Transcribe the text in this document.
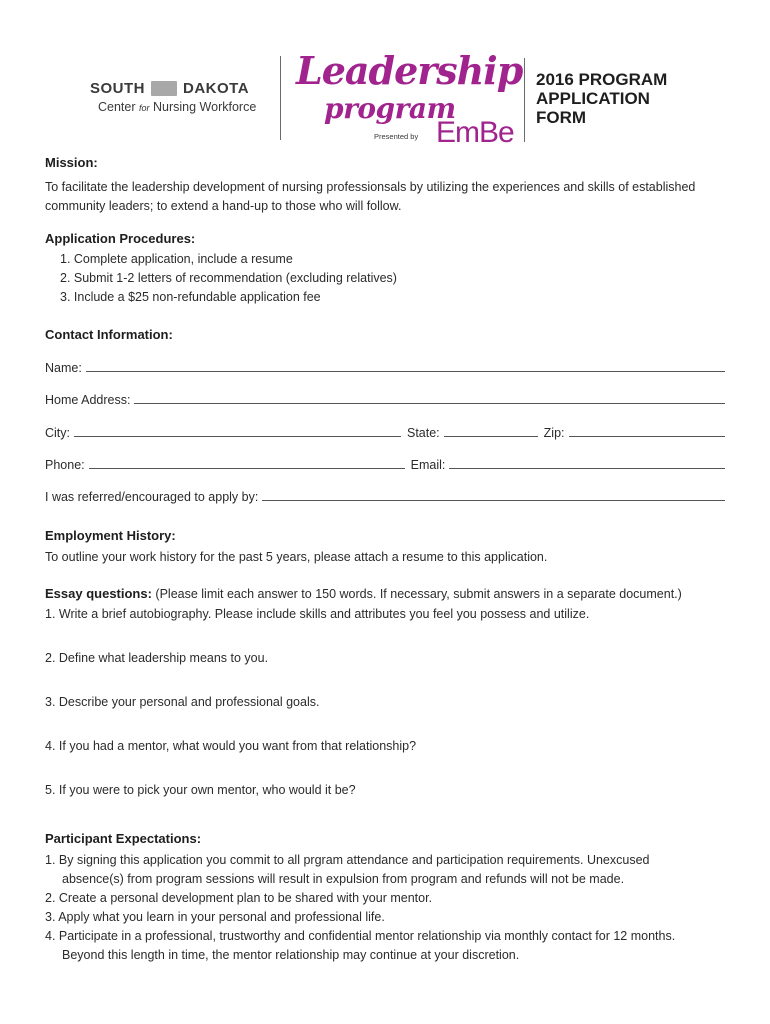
SOUTH	DAKOTA
Center for Nursing Workforce
Leadership
program
Presented by EmBe
2016 PROGRAM
APPLICATION
FORM
Mission:
To facilitate the leadership development of nursing professionsals by utilizing the experiences and skills of established
community leaders; to extend a hand-up to those who will follow.
Application Procedures:
1. Complete application, include a resume
2. Submit 1-2 letters of recommendation (excluding relatives)
3. Include a $25 non-refundable application fee
Contact Information:
Name:
Home Address:
City:	State:	Zip:
Phone:	Email:
I was referred/encouraged to apply by:
Employment History:
To outline your work history for the past 5 years, please attach a resume to this application.
Essay questions: (Please limit each answer to 150 words. If necessary, submit answers in a separate document.)
1. Write a brief autobiography. Please include skills and attributes you feel you possess and utilize.
2. Define what leadership means to you.
3. Describe your personal and professional goals.
4. If you had a mentor, what would you want from that relationship?
5. If you were to pick your own mentor, who would it be?
Participant Expectations:
1. By signing this application you commit to all prgram attendance and participation requirements. Unexcused
absence(s) from program sessions will result in expulsion from program and refunds will not be made.
2. Create a personal development plan to be shared with your mentor.
3. Apply what you learn in your personal and professional life.
4. Participate in a professional, trustworthy and confidential mentor relationship via monthly contact for 12 months.
Beyond this length in time, the mentor relationship may continue at your discretion.
